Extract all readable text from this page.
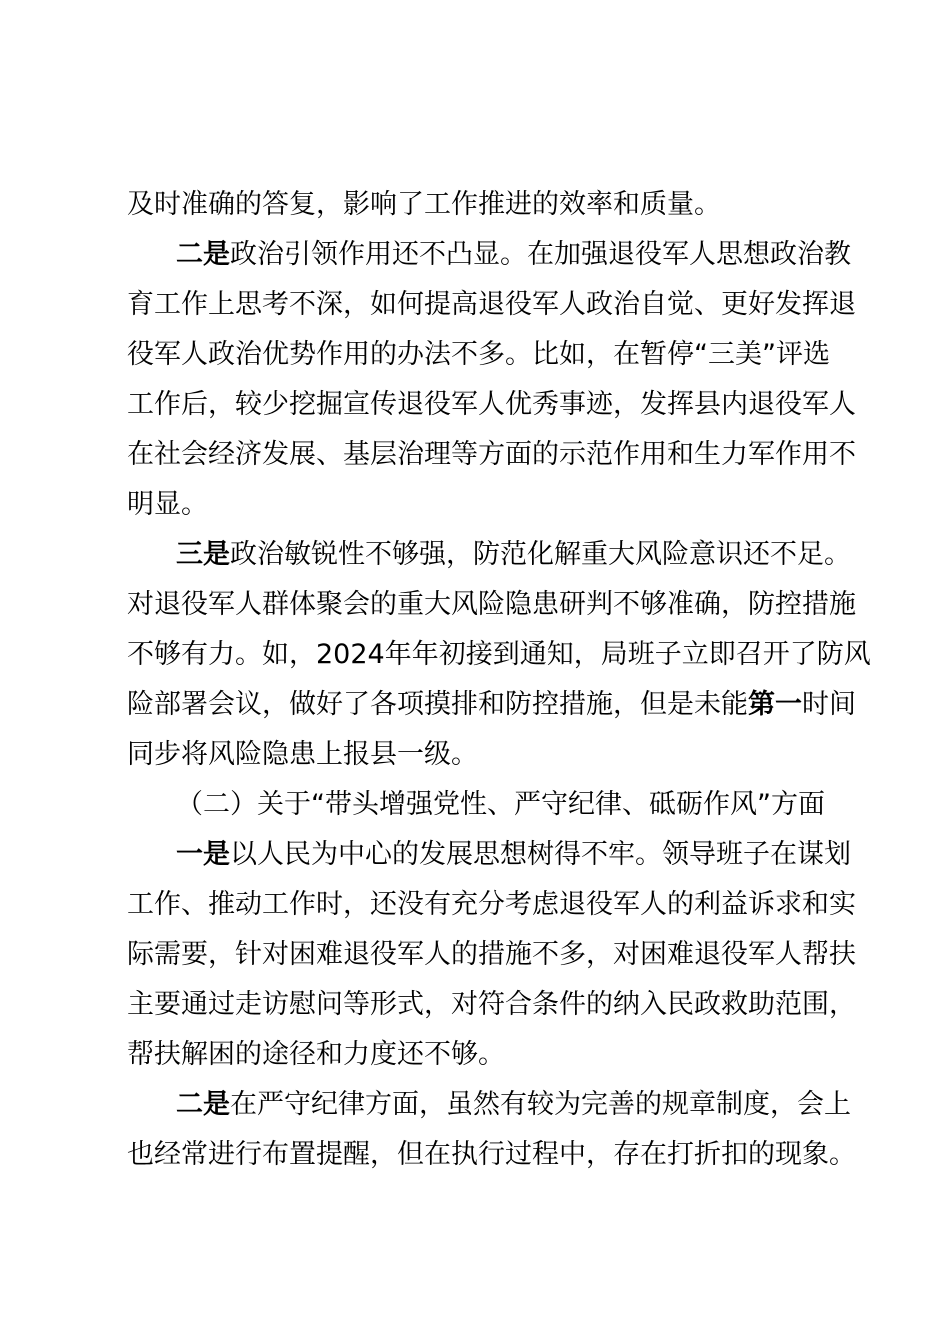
及时准确的答复，影响了工作推进的效率和质量。
二是政治引领作用还不凸显。在加强退役军人思想政治教
育工作上思考不深，如何提高退役军人政治自觉、更好发挥退
役军人政治优势作用的办法不多。比如，在暂停“三美”评选
工作后，较少挖掘宣传退役军人优秀事迹，发挥县内退役军人
在社会经济发展、基层治理等方面的示范作用和生力军作用不
明显。
三是政治敏锐性不够强，防范化解重大风险意识还不足。
对退役军人群体聚会的重大风险隐患研判不够准确，防控措施
不够有力。如，2024年年初接到通知，局班子立即召开了防风
险部署会议，做好了各项摸排和防控措施，但是未能第一时间
同步将风险隐患上报县一级。
（二）关于“带头增强党性、严守纪律、砥砺作风”方面
一是以人民为中心的发展思想树得不牢。领导班子在谋划
工作、推动工作时，还没有充分考虑退役军人的利益诉求和实
际需要，针对困难退役军人的措施不多，对困难退役军人帮扶
主要通过走访慰问等形式，对符合条件的纳入民政救助范围，
帮扶解困的途径和力度还不够。
二是在严守纪律方面，虽然有较为完善的规章制度，会上
也经常进行布置提醒，但在执行过程中，存在打折扣的现象。
